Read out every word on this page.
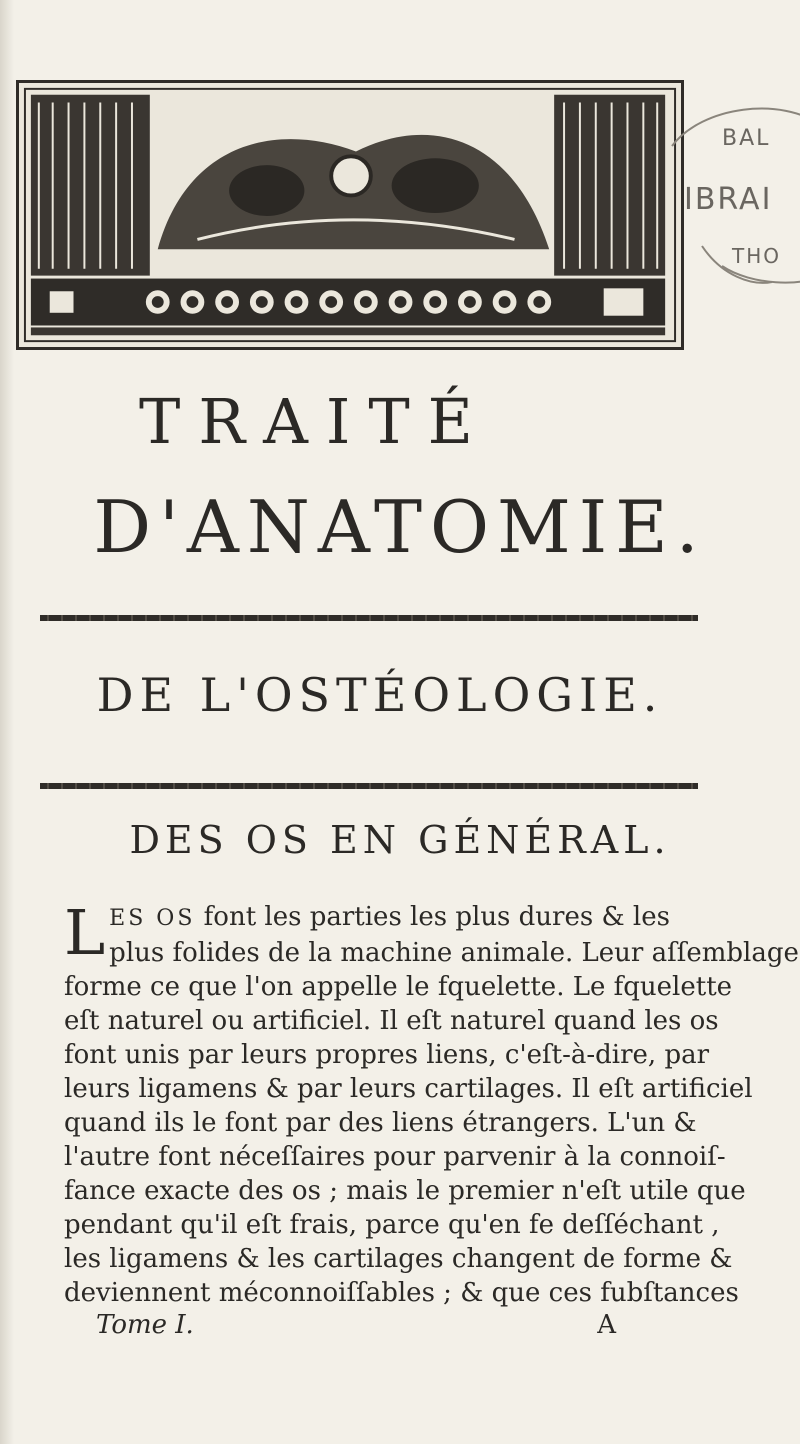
BAL
IBRAI
THO
TRAITÉ
D'ANATOMIE.
DE L'OSTÉOLOGIE.
DES OS EN GÉNÉRAL.
L ES OS font les parties les plus dures & les
plus folides de la machine animale. Leur aſſemblage
forme ce que l'on appelle le fquelette. Le fquelette
eſt naturel ou artificiel. Il eſt naturel quand les os
font unis par leurs propres liens, c'eſt-à-dire, par
leurs ligamens & par leurs cartilages. Il eſt artificiel
quand ils le font par des liens étrangers. L'un &
l'autre font néceſſaires pour parvenir à la connoiſ-
fance exacte des os ; mais le premier n'eſt utile que
pendant qu'il eſt frais, parce qu'en fe deſſéchant ,
les ligamens & les cartilages changent de forme &
deviennent méconnoiſſables ; & que ces fubſtances
Tome I.	A
